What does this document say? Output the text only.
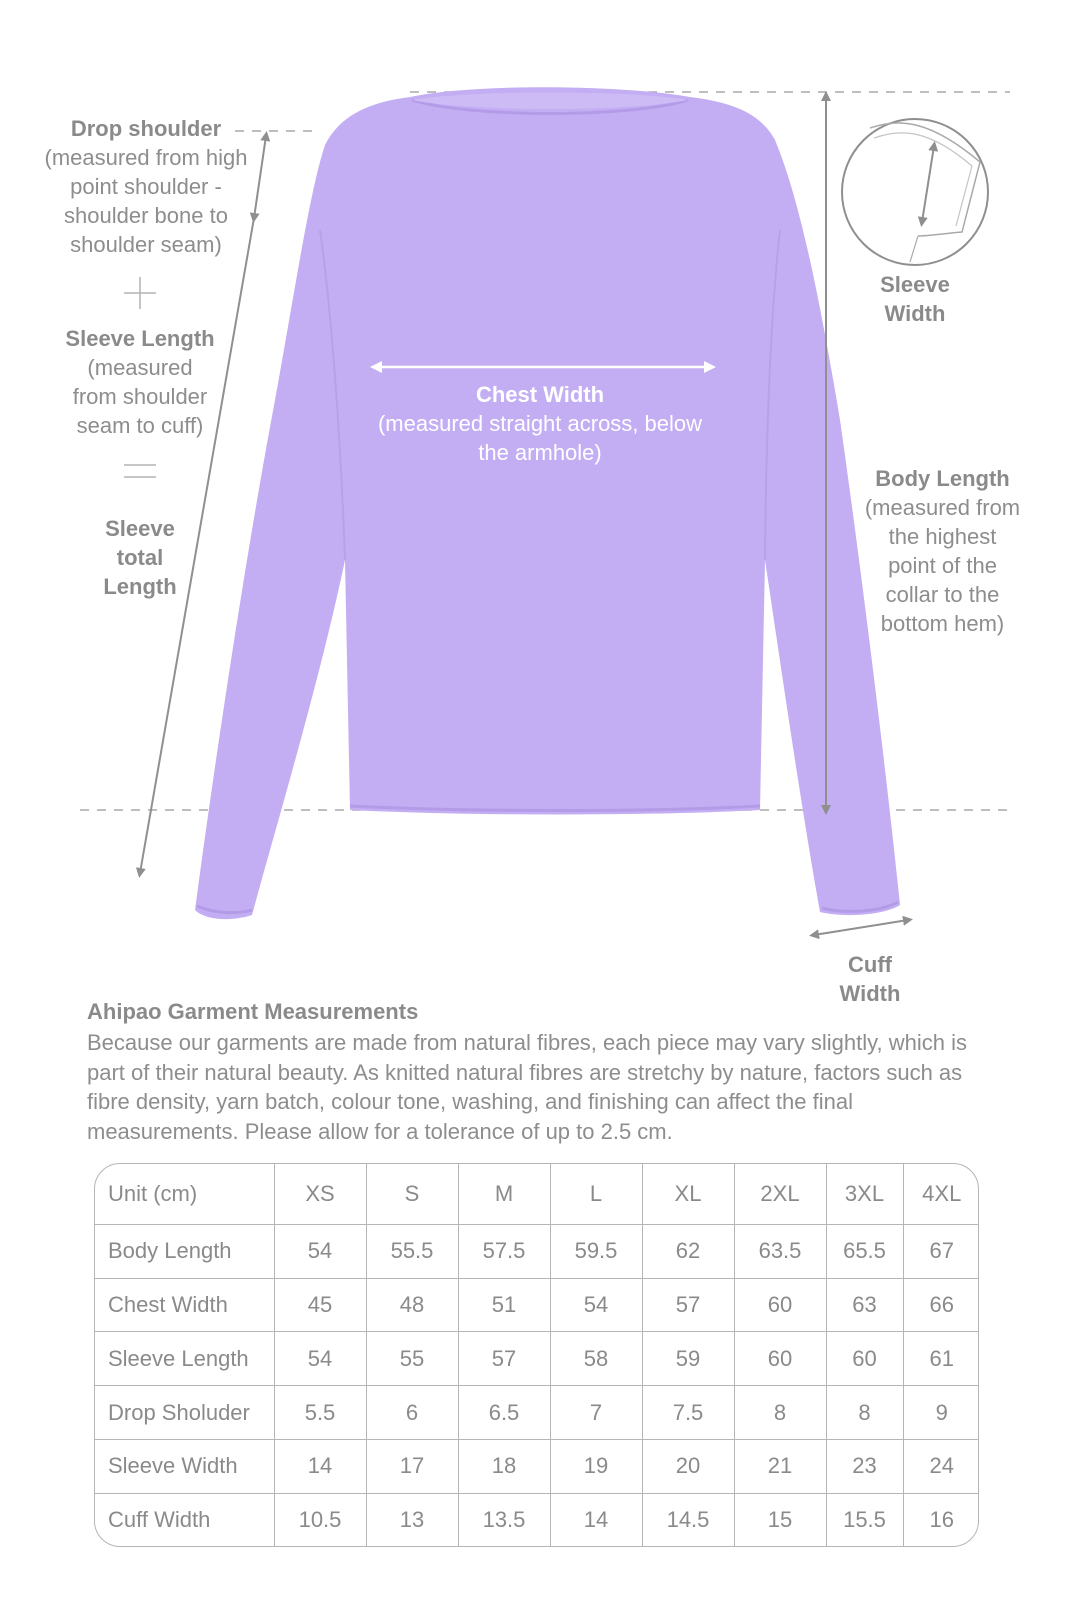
Drop shoulder
(measured from high
point shoulder -
shoulder bone to
shoulder seam)
Sleeve Length
(measured
from shoulder
seam to cuff)
Sleeve
total
Length
Sleeve
Width
Chest Width
(measured straight across, below
the armhole)
Body Length
(measured from
the highest
point of the
collar to the
bottom hem)
Cuff
Width
Ahipao Garment Measurements
Because our garments are made from natural fibres, each piece may vary slightly, which is part of their natural beauty. As knitted natural fibres are stretchy by nature, factors such as fibre density, yarn batch, colour tone, washing, and finishing can affect the final measurements. Please allow for a tolerance of up to 2.5 cm.
Unit (cm)	XS	S	M	L	XL	2XL	3XL	4XL
Body Length	54	55.5	57.5	59.5	62	63.5	65.5	67
Chest Width	45	48	51	54	57	60	63	66
Sleeve Length	54	55	57	58	59	60	60	61
Drop Sholuder	5.5	6	6.5	7	7.5	8	8	9
Sleeve Width	14	17	18	19	20	21	23	24
Cuff Width	10.5	13	13.5	14	14.5	15	15.5	16
